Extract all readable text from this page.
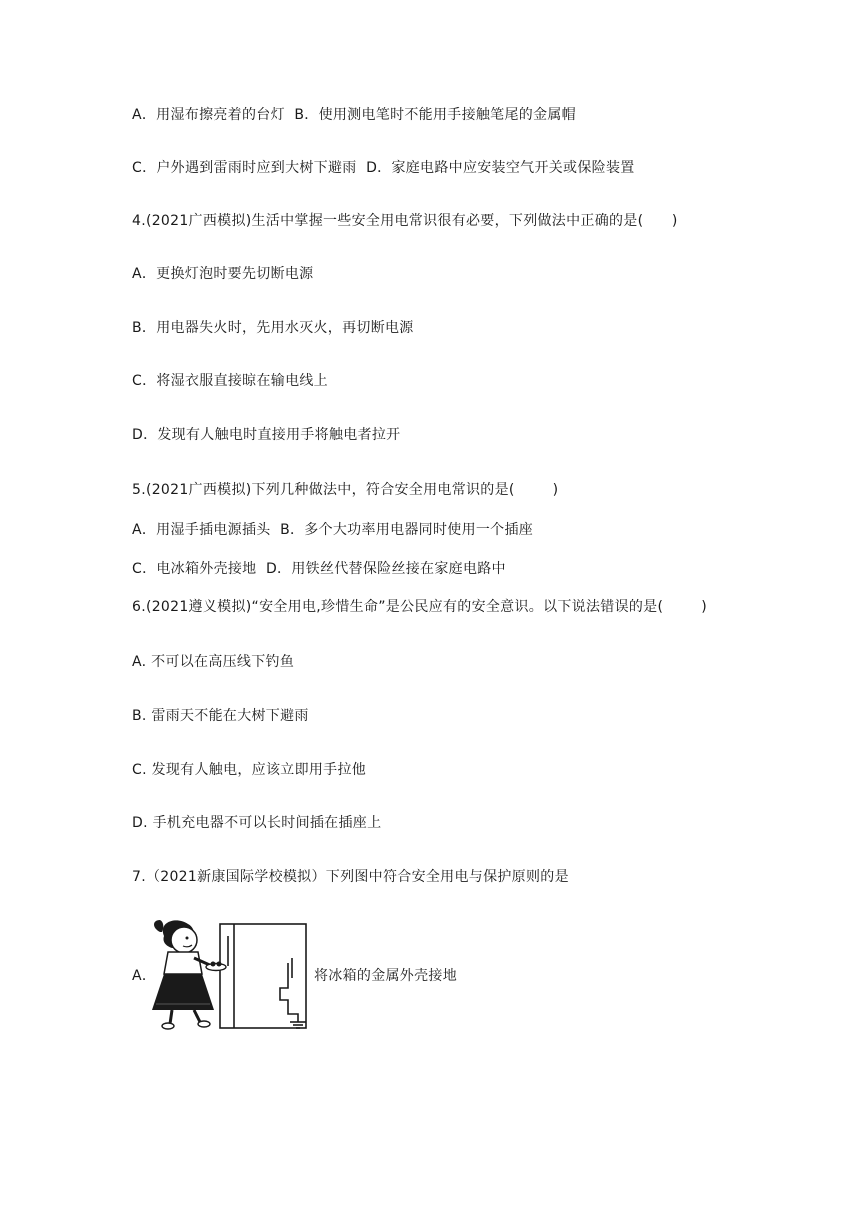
A．用湿布擦亮着的台灯  B．使用测电笔时不能用手接触笔尾的金属帽
C．户外遇到雷雨时应到大树下避雨  D．家庭电路中应安装空气开关或保险装置
4.(2021广西模拟)生活中掌握一些安全用电常识很有必要，下列做法中正确的是(      )
A．更换灯泡时要先切断电源
B．用电器失火时，先用水灭火，再切断电源
C．将湿衣服直接晾在输电线上
D．发现有人触电时直接用手将触电者拉开
5.(2021广西模拟)下列几种做法中，符合安全用电常识的是(        )
A．用湿手插电源插头  B．多个大功率用电器同时使用一个插座
C．电冰箱外壳接地  D．用铁丝代替保险丝接在家庭电路中
6.(2021遵义模拟)“安全用电,珍惜生命”是公民应有的安全意识。以下说法错误的是(        )
A. 不可以在高压线下钓鱼
B. 雷雨天不能在大树下避雨
C. 发现有人触电，应该立即用手拉他
D. 手机充电器不可以长时间插在插座上
7.（2021新康国际学校模拟）下列图中符合安全用电与保护原则的是
A．	将冰箱的金属外壳接地
